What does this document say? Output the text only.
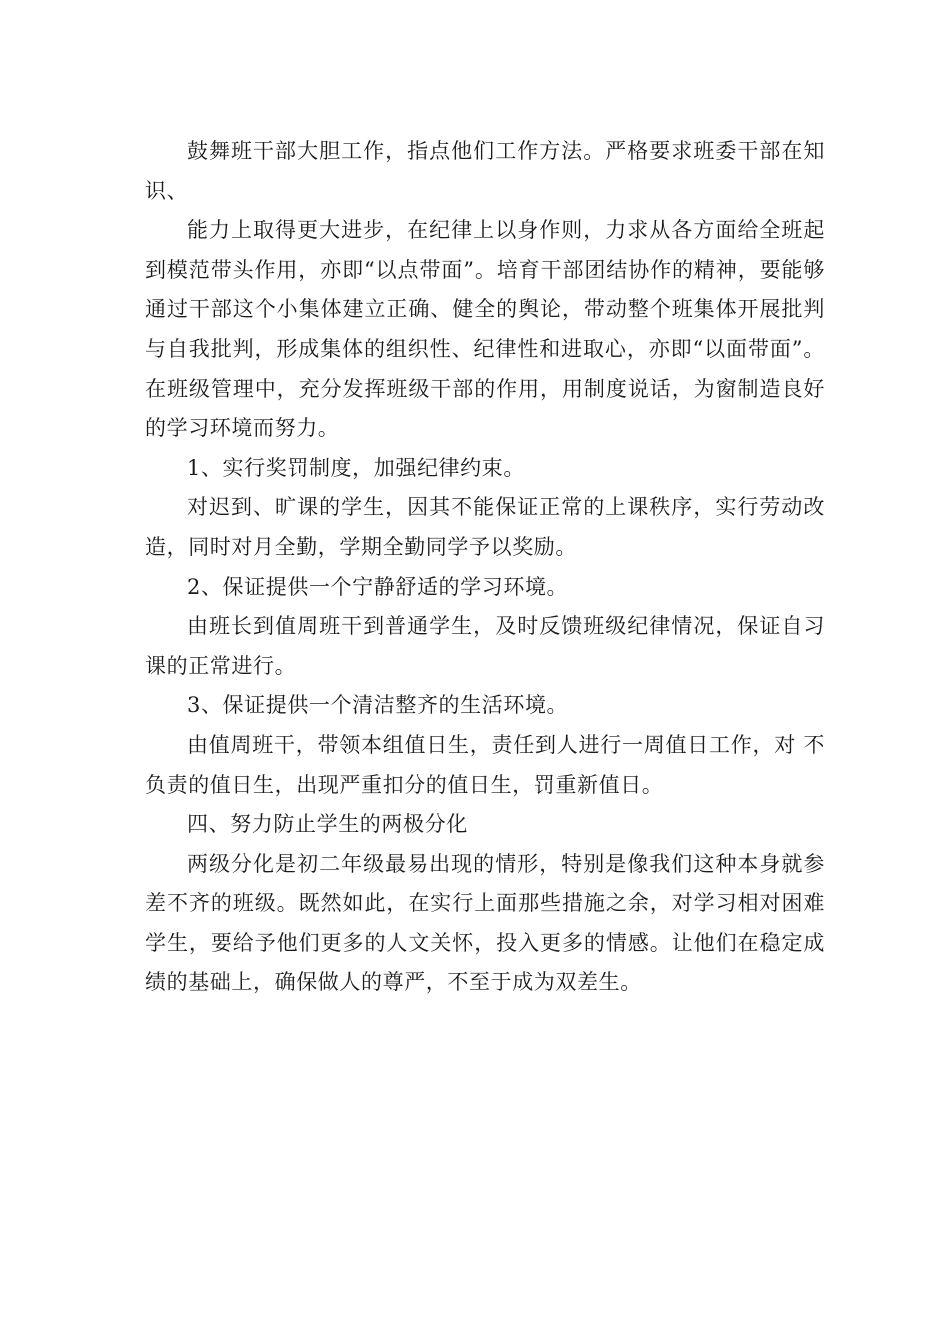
鼓舞班干部大胆工作，指点他们工作方法。严格要求班委干部在知识、

能力上取得更大进步，在纪律上以身作则，力求从各方面给全班起到模范带头作用，亦即“以点带面”。培育干部团结协作的精神，要能够通过干部这个小集体建立正确、健全的舆论，带动整个班集体开展批判与自我批判，形成集体的组织性、纪律性和进取心，亦即“以面带面”。在班级管理中，充分发挥班级干部的作用，用制度说话，为窗制造良好的学习环境而努力。

1、实行奖罚制度，加强纪律约束。

对迟到、旷课的学生，因其不能保证正常的上课秩序，实行劳动改造，同时对月全勤，学期全勤同学予以奖励。

2、保证提供一个宁静舒适的学习环境。

由班长到值周班干到普通学生，及时反馈班级纪律情况，保证自习课的正常进行。

3、保证提供一个清洁整齐的生活环境。

由值周班干，带领本组值日生，责任到人进行一周值日工作，对 不负责的值日生，出现严重扣分的值日生，罚重新值日。

四、努力防止学生的两极分化

两级分化是初二年级最易出现的情形，特别是像我们这种本身就参差不齐的班级。既然如此，在实行上面那些措施之余，对学习相对困难学生，要给予他们更多的人文关怀，投入更多的情感。让他们在稳定成绩的基础上，确保做人的尊严，不至于成为双差生。
